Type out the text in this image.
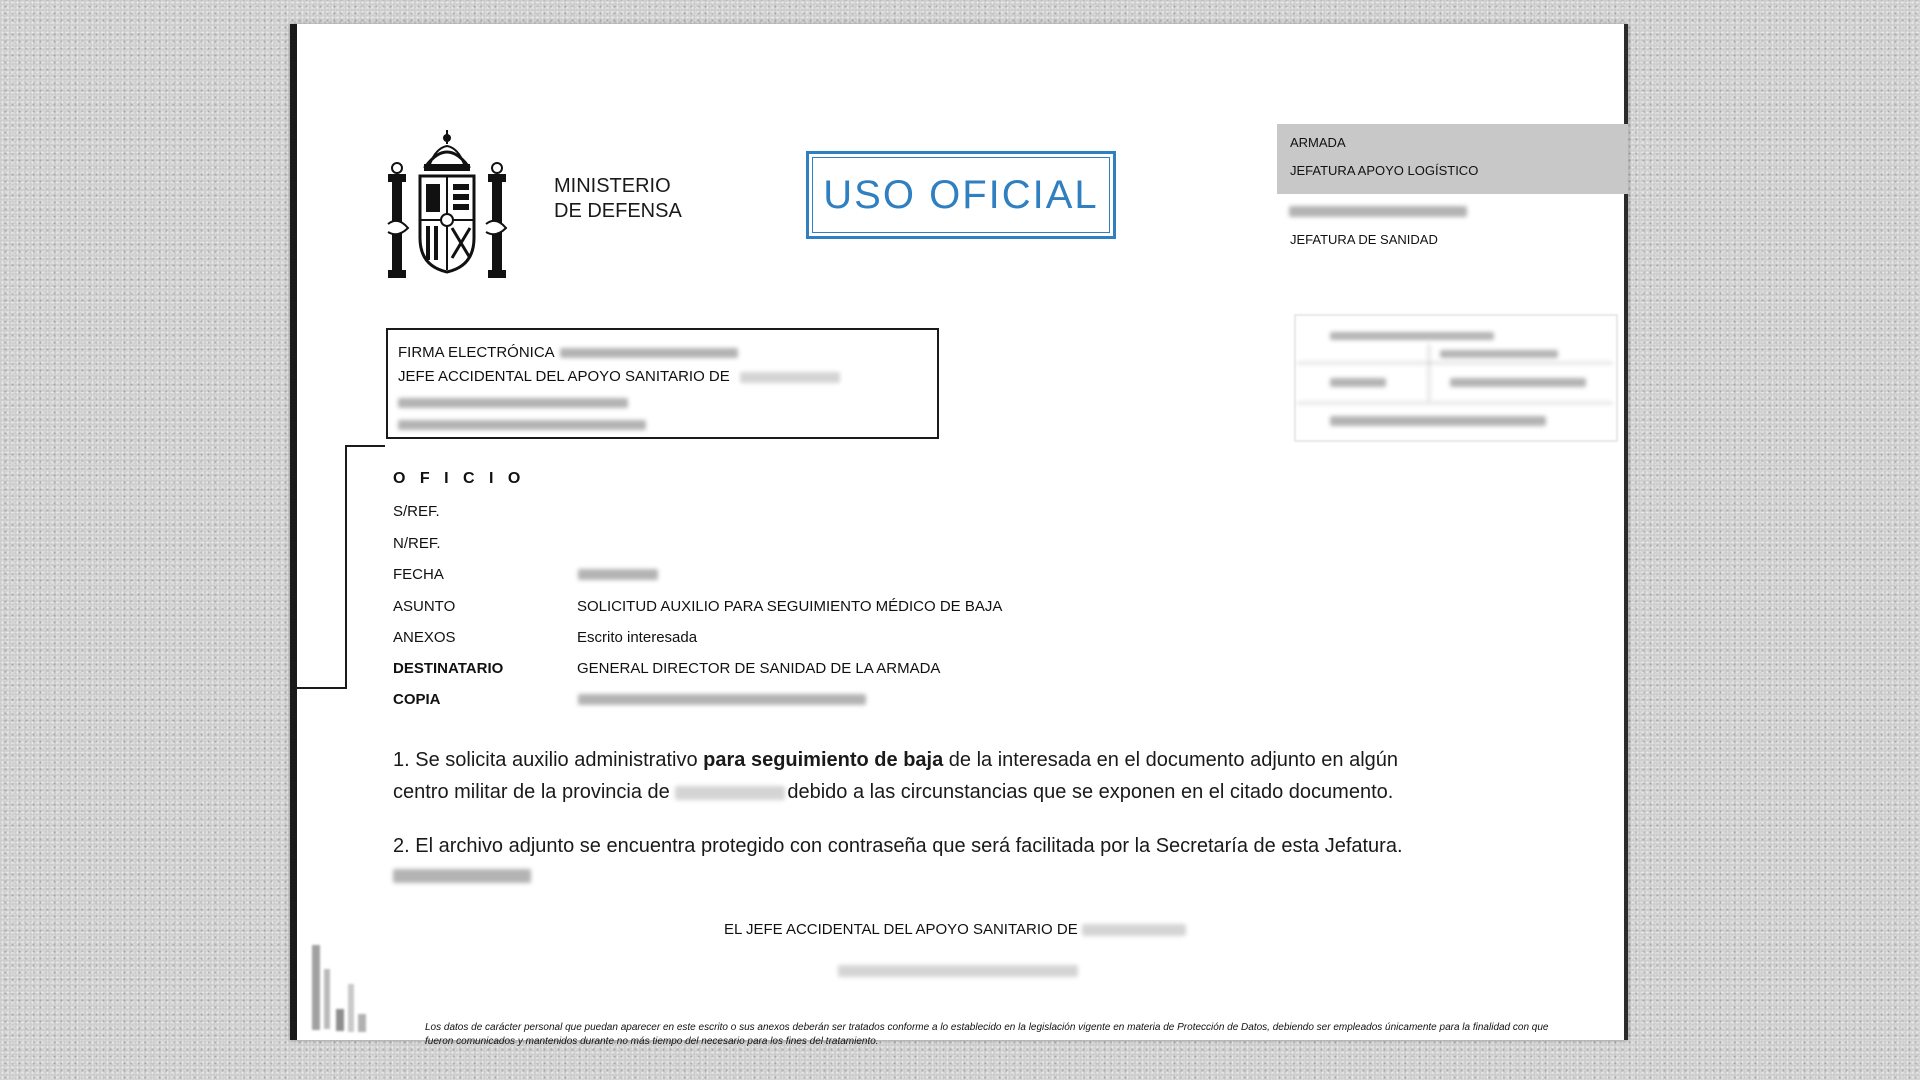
MINISTERIO
DE DEFENSA	USO OFICIAL
ARMADA
JEFATURA APOYO LOGÍSTICO
JEFATURA DE SANIDAD
FIRMA ELECTRÓNICA
JEFE ACCIDENTAL DEL APOYO SANITARIO DE
O F I C I O
S/REF.
N/REF.
FECHA
ASUNTO	SOLICITUD AUXILIO PARA SEGUIMIENTO MÉDICO DE BAJA
ANEXOS	Escrito interesada
DESTINATARIO	GENERAL DIRECTOR DE SANIDAD DE LA ARMADA
COPIA
1. Se solicita auxilio administrativo para seguimiento de baja de la interesada en el documento adjunto en algún
centro militar de la provincia de	debido a las circunstancias que se exponen en el citado documento.
2. El archivo adjunto se encuentra protegido con contraseña que será facilitada por la Secretaría de esta Jefatura.
EL JEFE ACCIDENTAL DEL APOYO SANITARIO DE
Los datos de carácter personal que puedan aparecer en este escrito o sus anexos deberán ser tratados conforme a lo establecido en la legislación vigente en materia de Protección de Datos, debiendo ser empleados únicamente para la finalidad con que fueron comunicados y mantenidos durante no más tiempo del necesario para los fines del tratamiento.
